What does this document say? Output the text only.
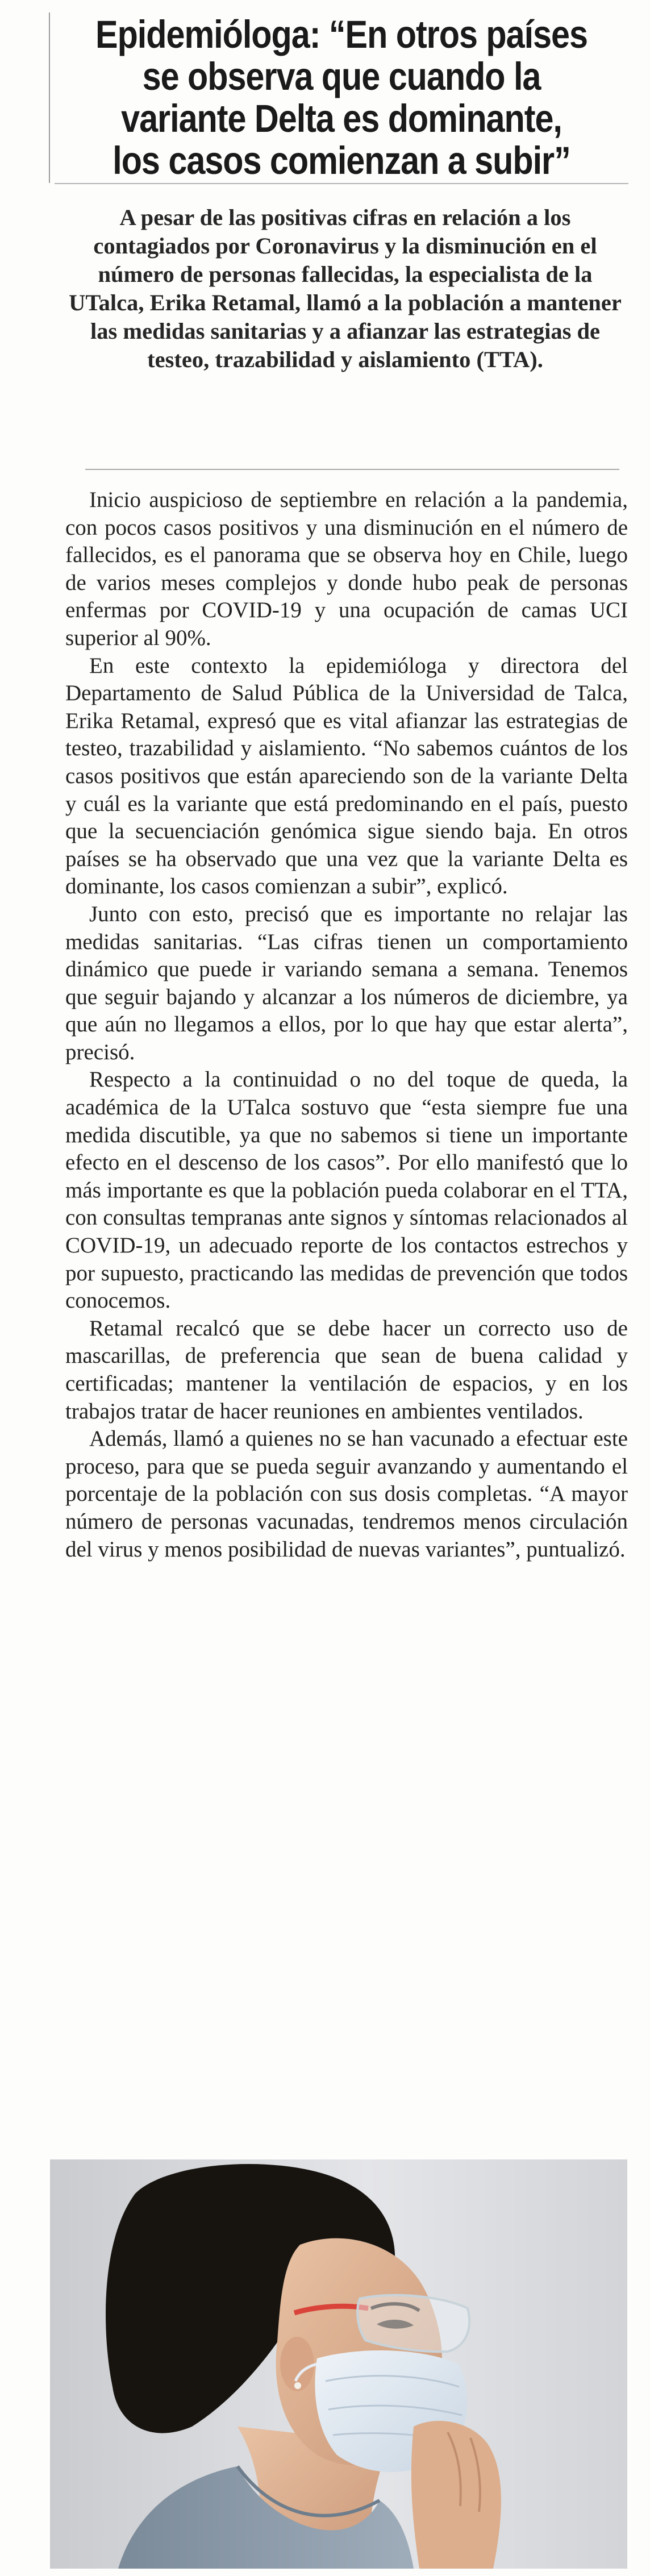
Epidemióloga: “En otros países se observa que cuando la variante Delta es dominante, los casos comienzan a subir”

A pesar de las positivas cifras en relación a los contagiados por Coronavirus y la disminución en el número de personas fallecidas, la especialista de la UTalca, Erika Retamal, llamó a la población a mantener las medidas sanitarias y a afianzar las estrategias de testeo, trazabilidad y aislamiento (TTA).

Inicio auspicioso de septiembre en relación a la pandemia, con pocos casos positivos y una disminución en el número de fallecidos, es el panorama que se observa hoy en Chile, luego de varios meses complejos y donde hubo peak de personas enfermas por COVID-19 y una ocupación de camas UCI superior al 90%.

En este contexto la epidemióloga y directora del Departamento de Salud Pública de la Universidad de Talca, Erika Retamal, expresó que es vital afianzar las estrategias de testeo, trazabilidad y aislamiento. “No sabemos cuántos de los casos positivos que están apareciendo son de la variante Delta y cuál es la variante que está predominando en el país, puesto que la secuenciación genómica sigue siendo baja. En otros países se ha observado que una vez que la variante Delta es dominante, los casos comienzan a subir”, explicó.

Junto con esto, precisó que es importante no relajar las medidas sanitarias. “Las cifras tienen un comportamiento dinámico que puede ir variando semana a semana. Tenemos que seguir bajando y alcanzar a los números de diciembre, ya que aún no llegamos a ellos, por lo que hay que estar alerta”, precisó.

Respecto a la continuidad o no del toque de queda, la académica de la UTalca sostuvo que “esta siempre fue una medida discutible, ya que no sabemos si tiene un importante efecto en el descenso de los casos”. Por ello manifestó que lo más importante es que la población pueda colaborar en el TTA, con consultas tempranas ante signos y síntomas relacionados al COVID-19, un adecuado reporte de los contactos estrechos y por supuesto, practicando las medidas de prevención que todos conocemos.

Retamal recalcó que se debe hacer un correcto uso de mascarillas, de preferencia que sean de buena calidad y certificadas; mantener la ventilación de espacios, y en los trabajos tratar de hacer reuniones en ambientes ventilados.

Además, llamó a quienes no se han vacunado a efectuar este proceso, para que se pueda seguir avanzando y aumentando el porcentaje de la población con sus dosis completas. “A mayor número de personas vacunadas, tendremos menos circulación del virus y menos posibilidad de nuevas variantes”, puntualizó.
